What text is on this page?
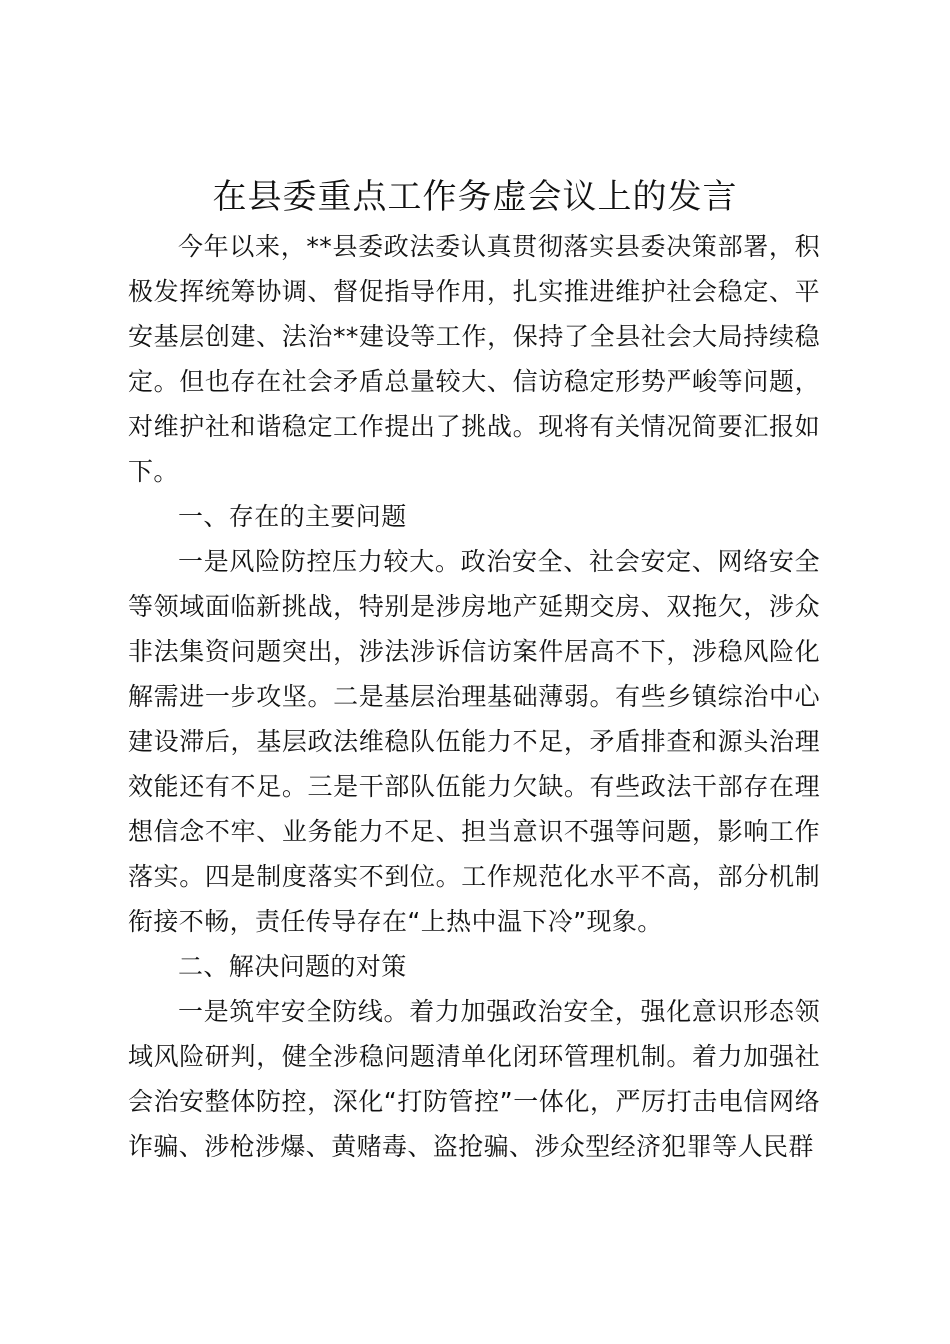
在县委重点工作务虚会议上的发言

今年以来，**县委政法委认真贯彻落实县委决策部署，积极发挥统筹协调、督促指导作用，扎实推进维护社会稳定、平安基层创建、法治**建设等工作，保持了全县社会大局持续稳定。但也存在社会矛盾总量较大、信访稳定形势严峻等问题，对维护社和谐稳定工作提出了挑战。现将有关情况简要汇报如下。

一、存在的主要问题

一是风险防控压力较大。政治安全、社会安定、网络安全等领域面临新挑战，特别是涉房地产延期交房、双拖欠，涉众非法集资问题突出，涉法涉诉信访案件居高不下，涉稳风险化解需进一步攻坚。二是基层治理基础薄弱。有些乡镇综治中心建设滞后，基层政法维稳队伍能力不足，矛盾排查和源头治理效能还有不足。三是干部队伍能力欠缺。有些政法干部存在理想信念不牢、业务能力不足、担当意识不强等问题，影响工作落实。四是制度落实不到位。工作规范化水平不高，部分机制衔接不畅，责任传导存在“上热中温下冷”现象。

二、解决问题的对策

一是筑牢安全防线。着力加强政治安全，强化意识形态领域风险研判，健全涉稳问题清单化闭环管理机制。着力加强社会治安整体防控，深化“打防管控”一体化，严厉打击电信网络诈骗、涉枪涉爆、黄赌毒、盗抢骗、涉众型经济犯罪等人民群
